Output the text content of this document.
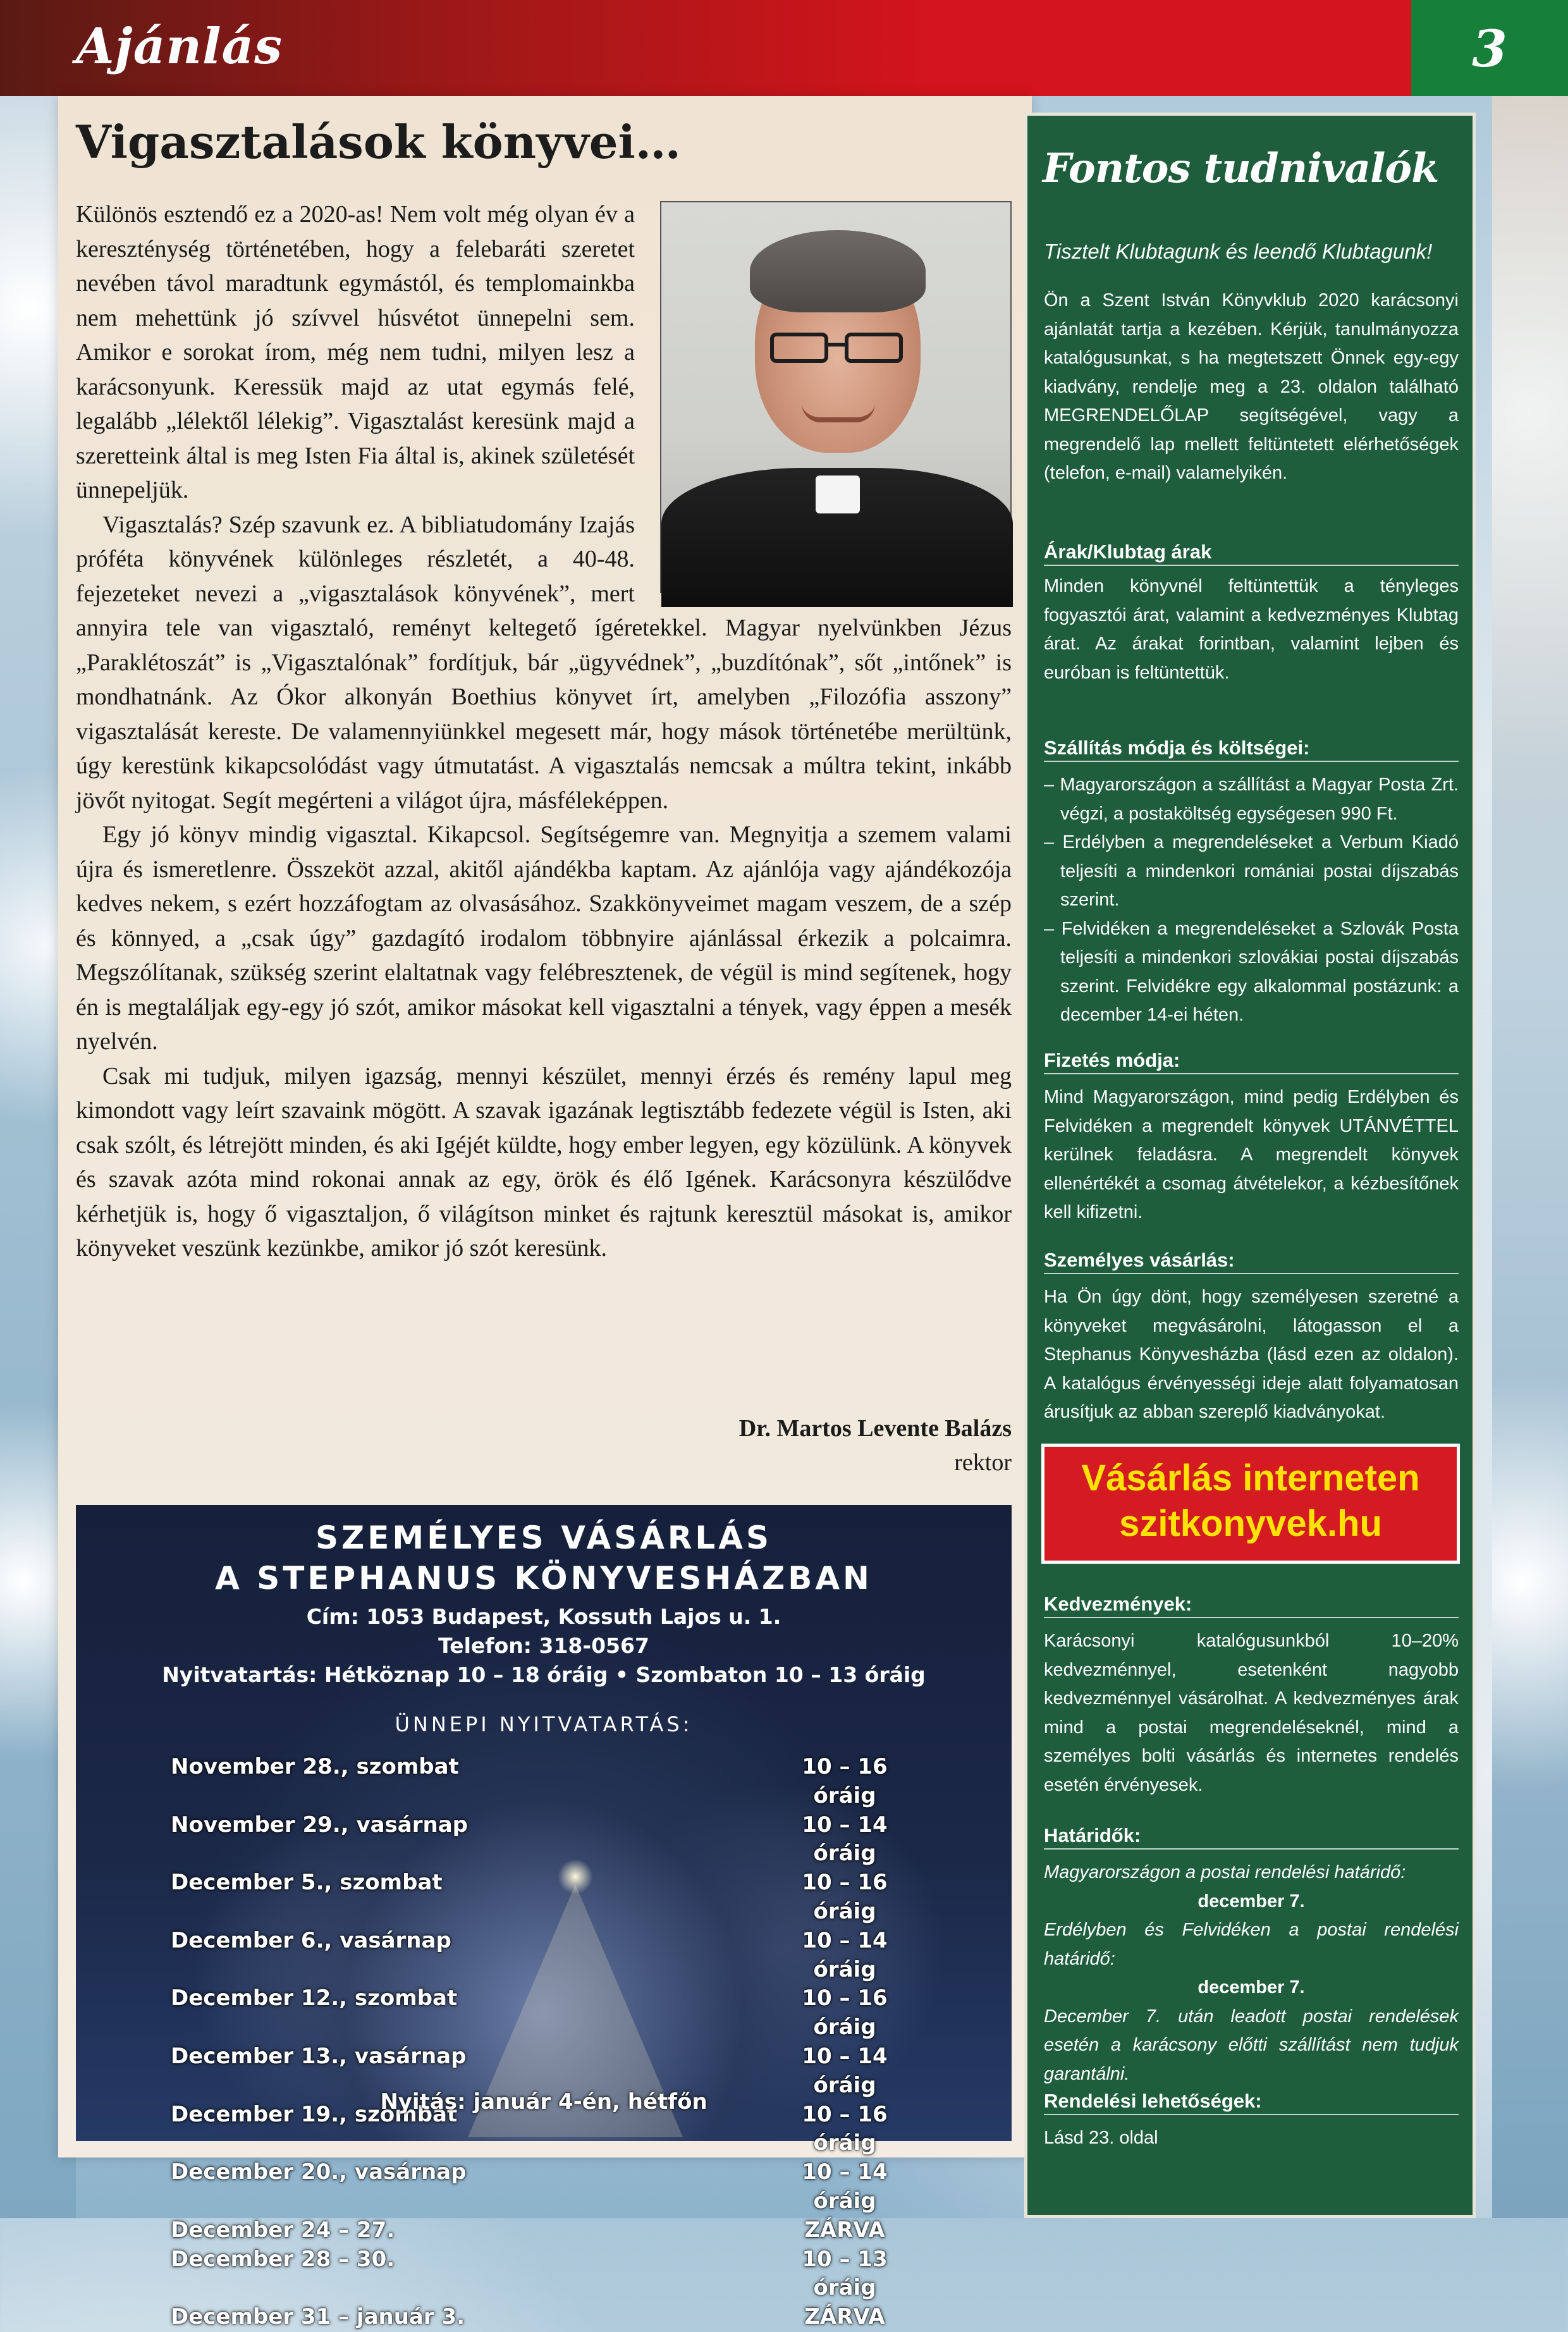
Ajánlás	3
Vigasztalások könyvei…

Különös esztendő ez a 2020-as! Nem volt még olyan év a kereszténység történetében, hogy a felebaráti szeretet nevében távol maradtunk egymástól, és templomainkba nem mehettünk jó szívvel húsvétot ünnepelni sem. Amikor e sorokat írom, még nem tudni, milyen lesz a karácsonyunk. Keressük majd az utat egymás felé, legalább „lélektől lélekig”. Vigasztalást keresünk majd a szeretteink által is meg Isten Fia által is, akinek születését ünnepeljük.

Vigasztalás? Szép szavunk ez. A bibliatudomány Izajás próféta könyvének különleges részletét, a 40-48. fejezeteket nevezi a „vigasztalások könyvének”, mert annyira tele van vigasztaló, reményt keltegető ígéretekkel. Magyar nyelvünkben Jézus „Paraklétoszát” is „Vigasztalónak” fordítjuk, bár „ügyvédnek”, „buzdítónak”, sőt „intőnek” is mondhatnánk. Az Ókor alkonyán Boethius könyvet írt, amelyben „Filozófia asszony” vigasztalását kereste. De valamennyiünkkel megesett már, hogy mások történetébe merültünk, úgy kerestünk kikapcsolódást vagy útmutatást. A vigasztalás nemcsak a múltra tekint, inkább jövőt nyitogat. Segít megérteni a világot újra, másféleképpen.

Egy jó könyv mindig vigasztal. Kikapcsol. Segítségemre van. Megnyitja a szemem valami újra és ismeretlenre. Összeköt azzal, akitől ajándékba kaptam. Az ajánlója vagy ajándékozója kedves nekem, s ezért hozzáfogtam az olvasásához. Szakkönyveimet magam veszem, de a szép és könnyed, a „csak úgy” gazdagító irodalom többnyire ajánlással érkezik a polcaimra. Megszólítanak, szükség szerint elaltatnak vagy felébresztenek, de végül is mind segítenek, hogy én is megtaláljak egy-egy jó szót, amikor másokat kell vigasztalni a tények, vagy éppen a mesék nyelvén.

Csak mi tudjuk, milyen igazság, mennyi készület, mennyi érzés és remény lapul meg kimondott vagy leírt szavaink mögött. A szavak igazának legtisztább fedezete végül is Isten, aki csak szólt, és létrejött minden, és aki Igéjét küldte, hogy ember legyen, egy közülünk. A könyvek és szavak azóta mind rokonai annak az egy, örök és élő Igének. Karácsonyra készülődve kérhetjük is, hogy ő vigasztaljon, ő világítson minket és rajtunk keresztül másokat is, amikor könyveket veszünk kezünkbe, amikor jó szót keresünk.

Dr. Martos Levente Balázs
rektor
SZEMÉLYES VÁSÁRLÁS
A STEPHANUS KÖNYVESHÁZBAN
Cím: 1053 Budapest, Kossuth Lajos u. 1.
Telefon: 318-0567
Nyitvatartás: Hétköznap 10 – 18 óráig • Szombaton 10 – 13 óráig
ÜNNEPI NYITVATARTÁS:
November 28., szombat	10 – 16 óráig
November 29., vasárnap	10 – 14 óráig
December 5., szombat	10 – 16 óráig
December 6., vasárnap	10 – 14 óráig
December 12., szombat	10 – 16 óráig
December 13., vasárnap	10 – 14 óráig
December 19., szombat	10 – 16 óráig
December 20., vasárnap	10 – 14 óráig
December 24 – 27.	ZÁRVA
December 28 – 30.	10 – 13 óráig
December 31 – január 3.	ZÁRVA
Nyitás: január 4-én, hétfőn
Fontos tudnivalók
Tisztelt Klubtagunk és leendő Klubtagunk!
Ön a Szent István Könyvklub 2020 karácsonyi ajánlatát tartja a kezében. Kérjük, tanulmányozza katalógusunkat, s ha megtetszett Önnek egy-egy kiadvány, rendelje meg a 23. oldalon található MEGRENDELŐLAP segítségével, vagy a megrendelő lap mellett feltüntetett elérhetőségek (telefon, e-mail) valamelyikén.
Árak/Klubtag árak
Minden könyvnél feltüntettük a tényleges fogyasztói árat, valamint a kedvezményes Klubtag árat. Az árakat forintban, valamint lejben és euróban is feltüntettük.
Szállítás módja és költségei:
– Magyarországon a szállítást a Magyar Posta Zrt. végzi, a postaköltség egységesen 990 Ft.
– Erdélyben a megrendeléseket a Verbum Kiadó teljesíti a mindenkori romániai postai díjszabás szerint.
– Felvidéken a megrendeléseket a Szlovák Posta teljesíti a mindenkori szlovákiai postai díjszabás szerint. Felvidékre egy alkalommal postázunk: a december 14-ei héten.
Fizetés módja:
Mind Magyarországon, mind pedig Erdélyben és Felvidéken a megrendelt könyvek UTÁNVÉTTEL kerülnek feladásra. A megrendelt könyvek ellenértékét a csomag átvételekor, a kézbesítőnek kell kifizetni.
Személyes vásárlás:
Ha Ön úgy dönt, hogy személyesen szeretné a könyveket megvásárolni, látogasson el a Stephanus Könyvesházba (lásd ezen az oldalon). A katalógus érvényességi ideje alatt folyamatosan árusítjuk az abban szereplő kiadványokat.
Vásárlás interneten
szitkonyvek.hu
Kedvezmények:
Karácsonyi katalógusunkból 10–20% kedvezménnyel, esetenként nagyobb kedvezménnyel vásárolhat. A kedvezményes árak mind a postai megrendeléseknél, mind a személyes bolti vásárlás és internetes rendelés esetén érvényesek.
Határidők:
Magyarországon a postai rendelési határidő:
december 7.
Erdélyben és Felvidéken a postai rendelési határidő:
december 7.
December 7. után leadott postai rendelések esetén a karácsony előtti szállítást nem tudjuk garantálni.
Rendelési lehetőségek:
Lásd 23. oldal
